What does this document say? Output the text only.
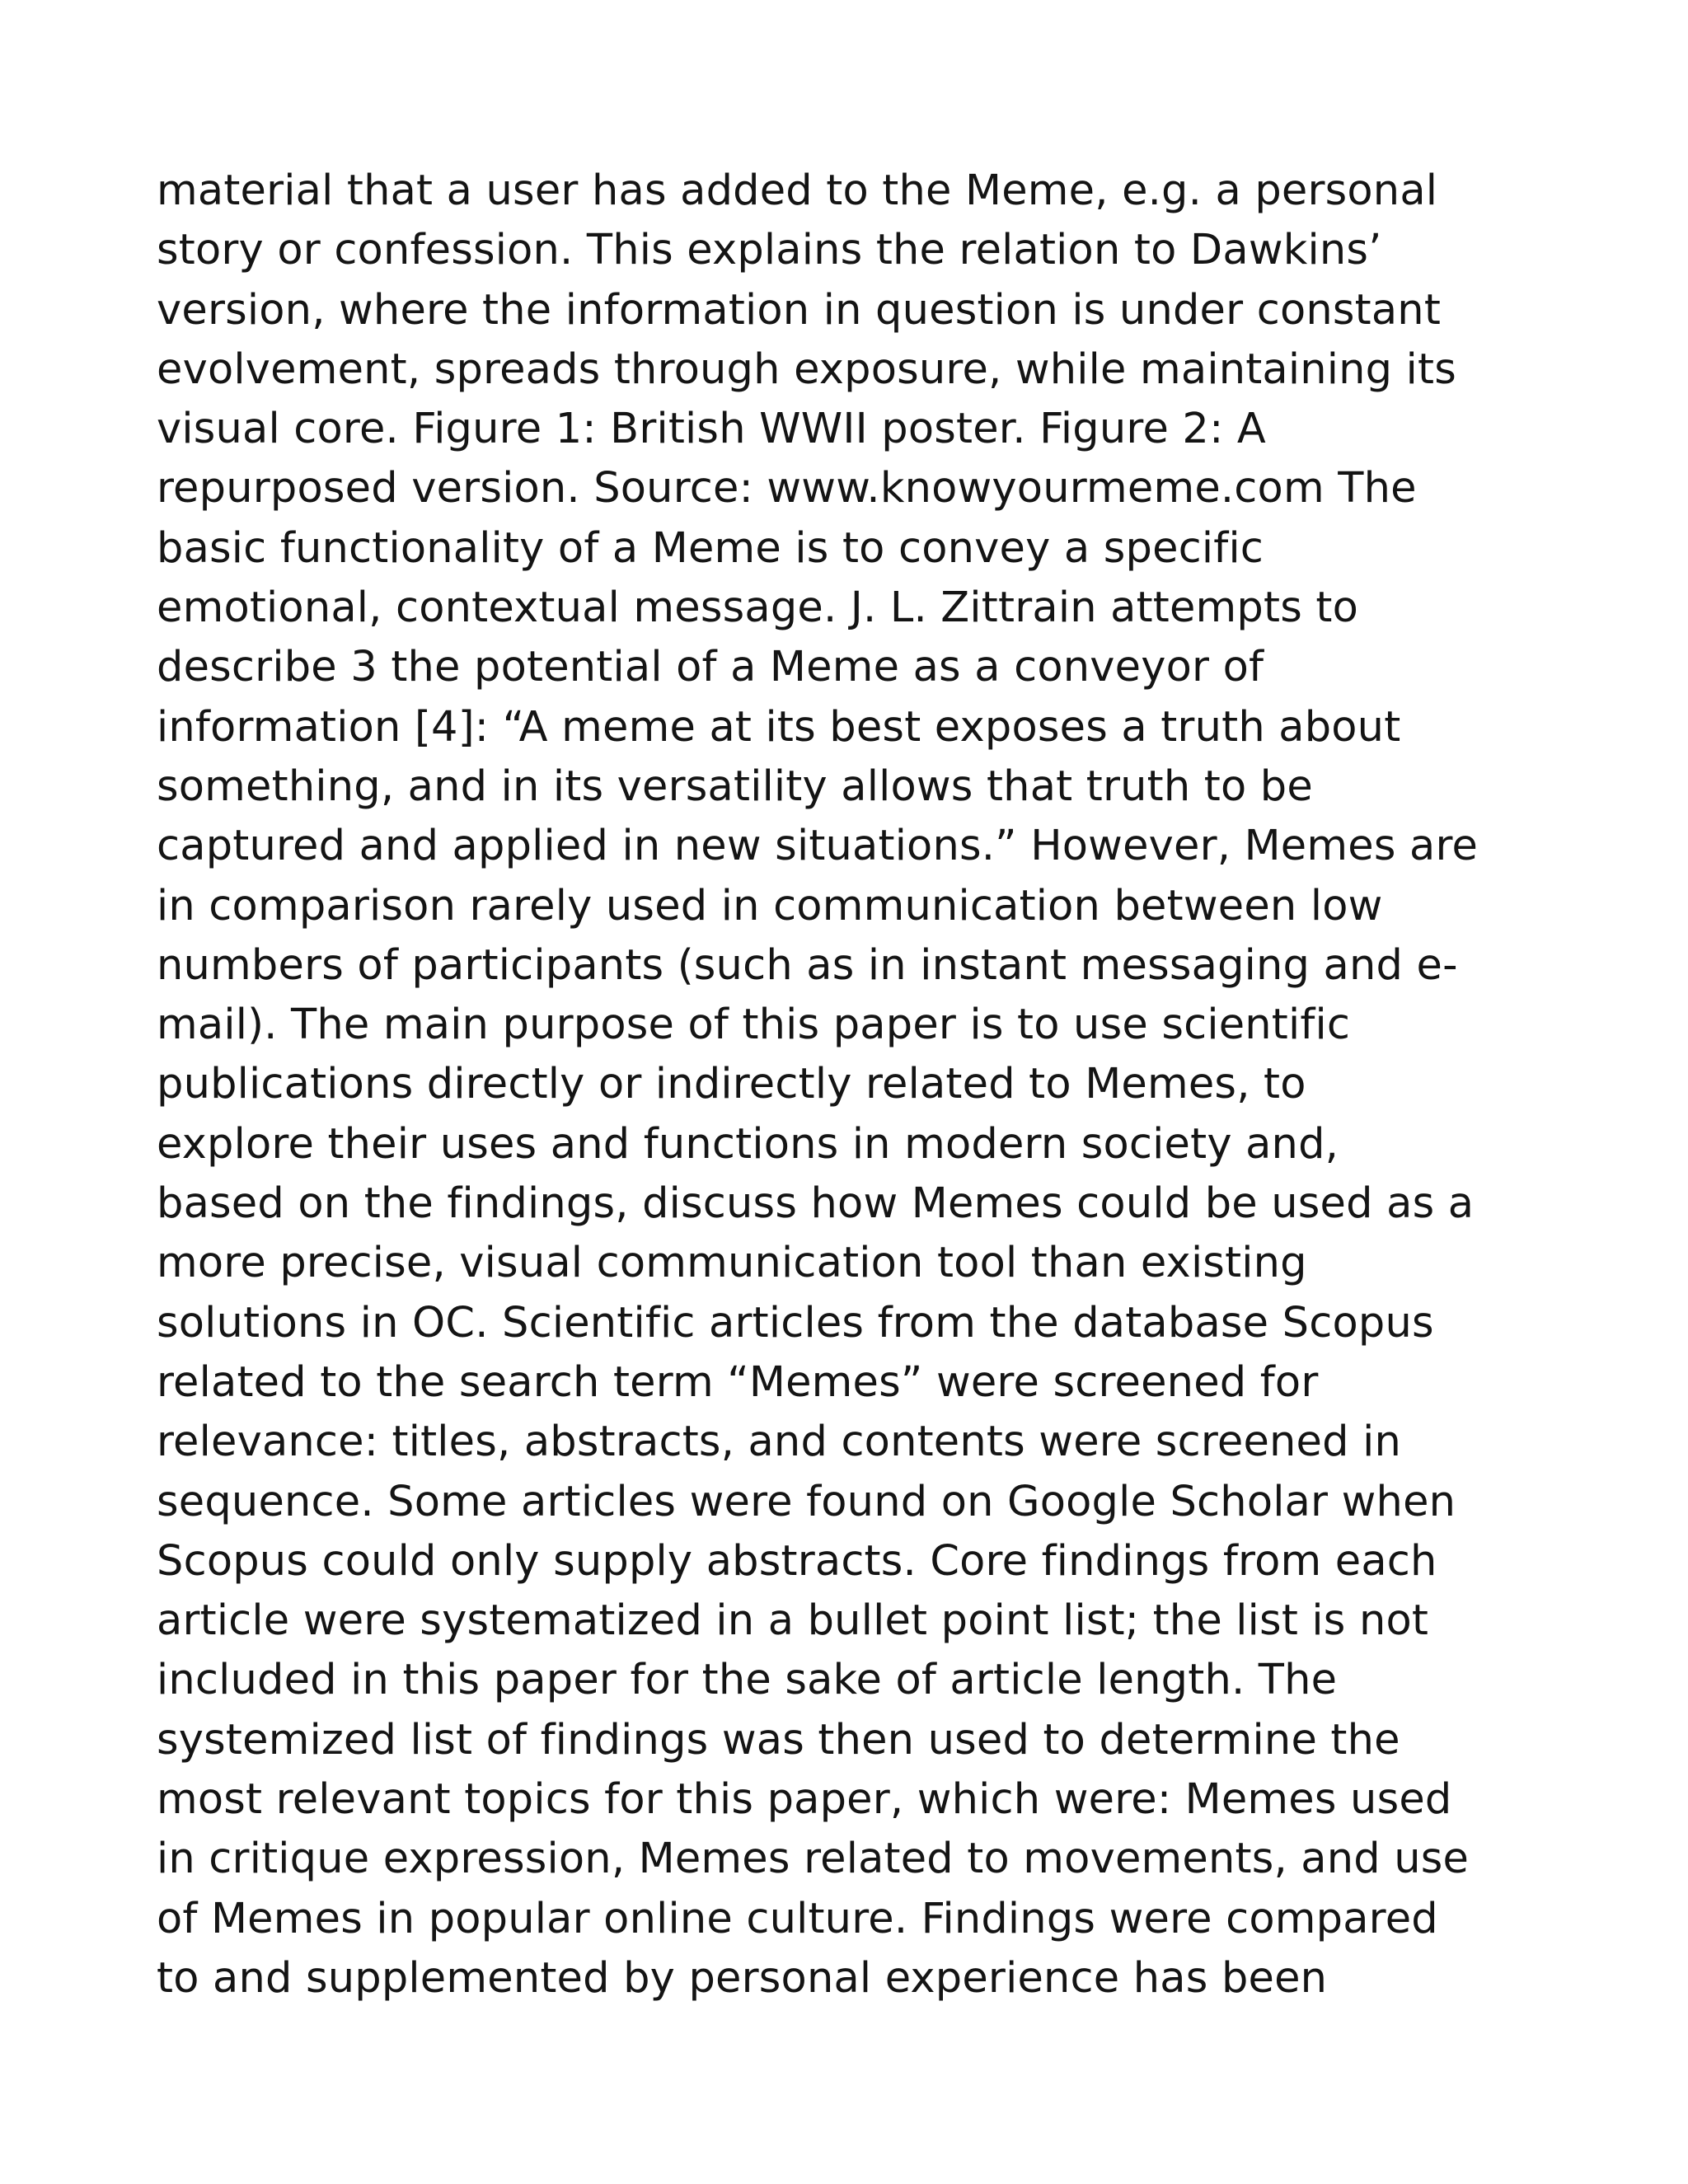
material that a user has added to the Meme, e.g. a personal
story or confession. This explains the relation to Dawkins’
version, where the information in question is under constant
evolvement, spreads through exposure, while maintaining its
visual core. Figure 1: British WWII poster. Figure 2: A
repurposed version. Source: www.knowyourmeme.com The
basic functionality of a Meme is to convey a specific
emotional, contextual message. J. L. Zittrain attempts to
describe 3 the potential of a Meme as a conveyor of
information [4]: “A meme at its best exposes a truth about
something, and in its versatility allows that truth to be
captured and applied in new situations.” However, Memes are
in comparison rarely used in communication between low
numbers of participants (such as in instant messaging and e-
mail). The main purpose of this paper is to use scientific
publications directly or indirectly related to Memes, to
explore their uses and functions in modern society and,
based on the findings, discuss how Memes could be used as a
more precise, visual communication tool than existing
solutions in OC. Scientific articles from the database Scopus
related to the search term “Memes” were screened for
relevance: titles, abstracts, and contents were screened in
sequence. Some articles were found on Google Scholar when
Scopus could only supply abstracts. Core findings from each
article were systematized in a bullet point list; the list is not
included in this paper for the sake of article length. The
systemized list of findings was then used to determine the
most relevant topics for this paper, which were: Memes used
in critique expression, Memes related to movements, and use
of Memes in popular online culture. Findings were compared
to and supplemented by personal experience has been
